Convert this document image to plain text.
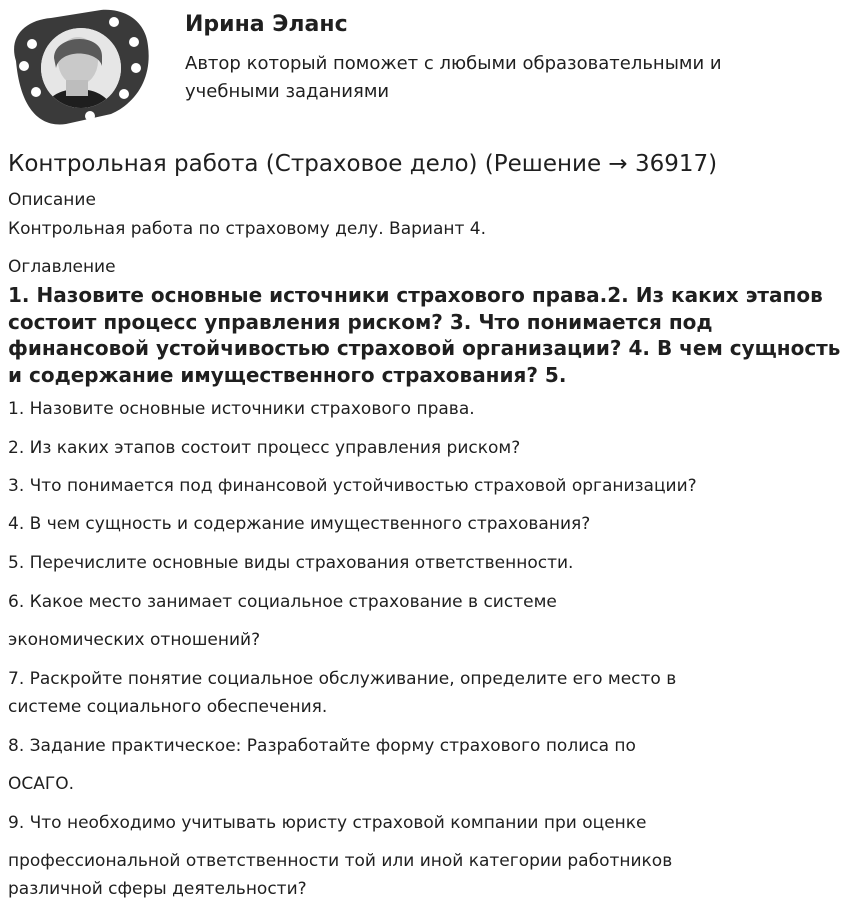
Ирина Эланс
Автор который поможет с любыми образовательными и учебными заданиями
Контрольная работа (Страховое дело) (Решение → 36917)
Описание
Контрольная работа по страховому делу. Вариант 4.
Оглавление
1. Назовите основные источники страхового права.2. Из каких этапов состоит процесс управления риском? 3. Что понимается под финансовой устойчивостью страховой организации? 4. В чем сущность и содержание имущественного страхования? 5.
1. Назовите основные источники страхового права.
2. Из каких этапов состоит процесс управления риском?
3. Что понимается под финансовой устойчивостью страховой организации?
4. В чем сущность и содержание имущественного страхования?
5. Перечислите основные виды страхования ответственности.
6. Какое место занимает социальное страхование в системе
экономических отношений?
7. Раскройте понятие социальное обслуживание, определите его место в
системе социального обеспечения.
8. Задание практическое: Разработайте форму страхового полиса по
ОСАГО.
9. Что необходимо учитывать юристу страховой компании при оценке
профессиональной ответственности той или иной категории работников
различной сферы деятельности?
